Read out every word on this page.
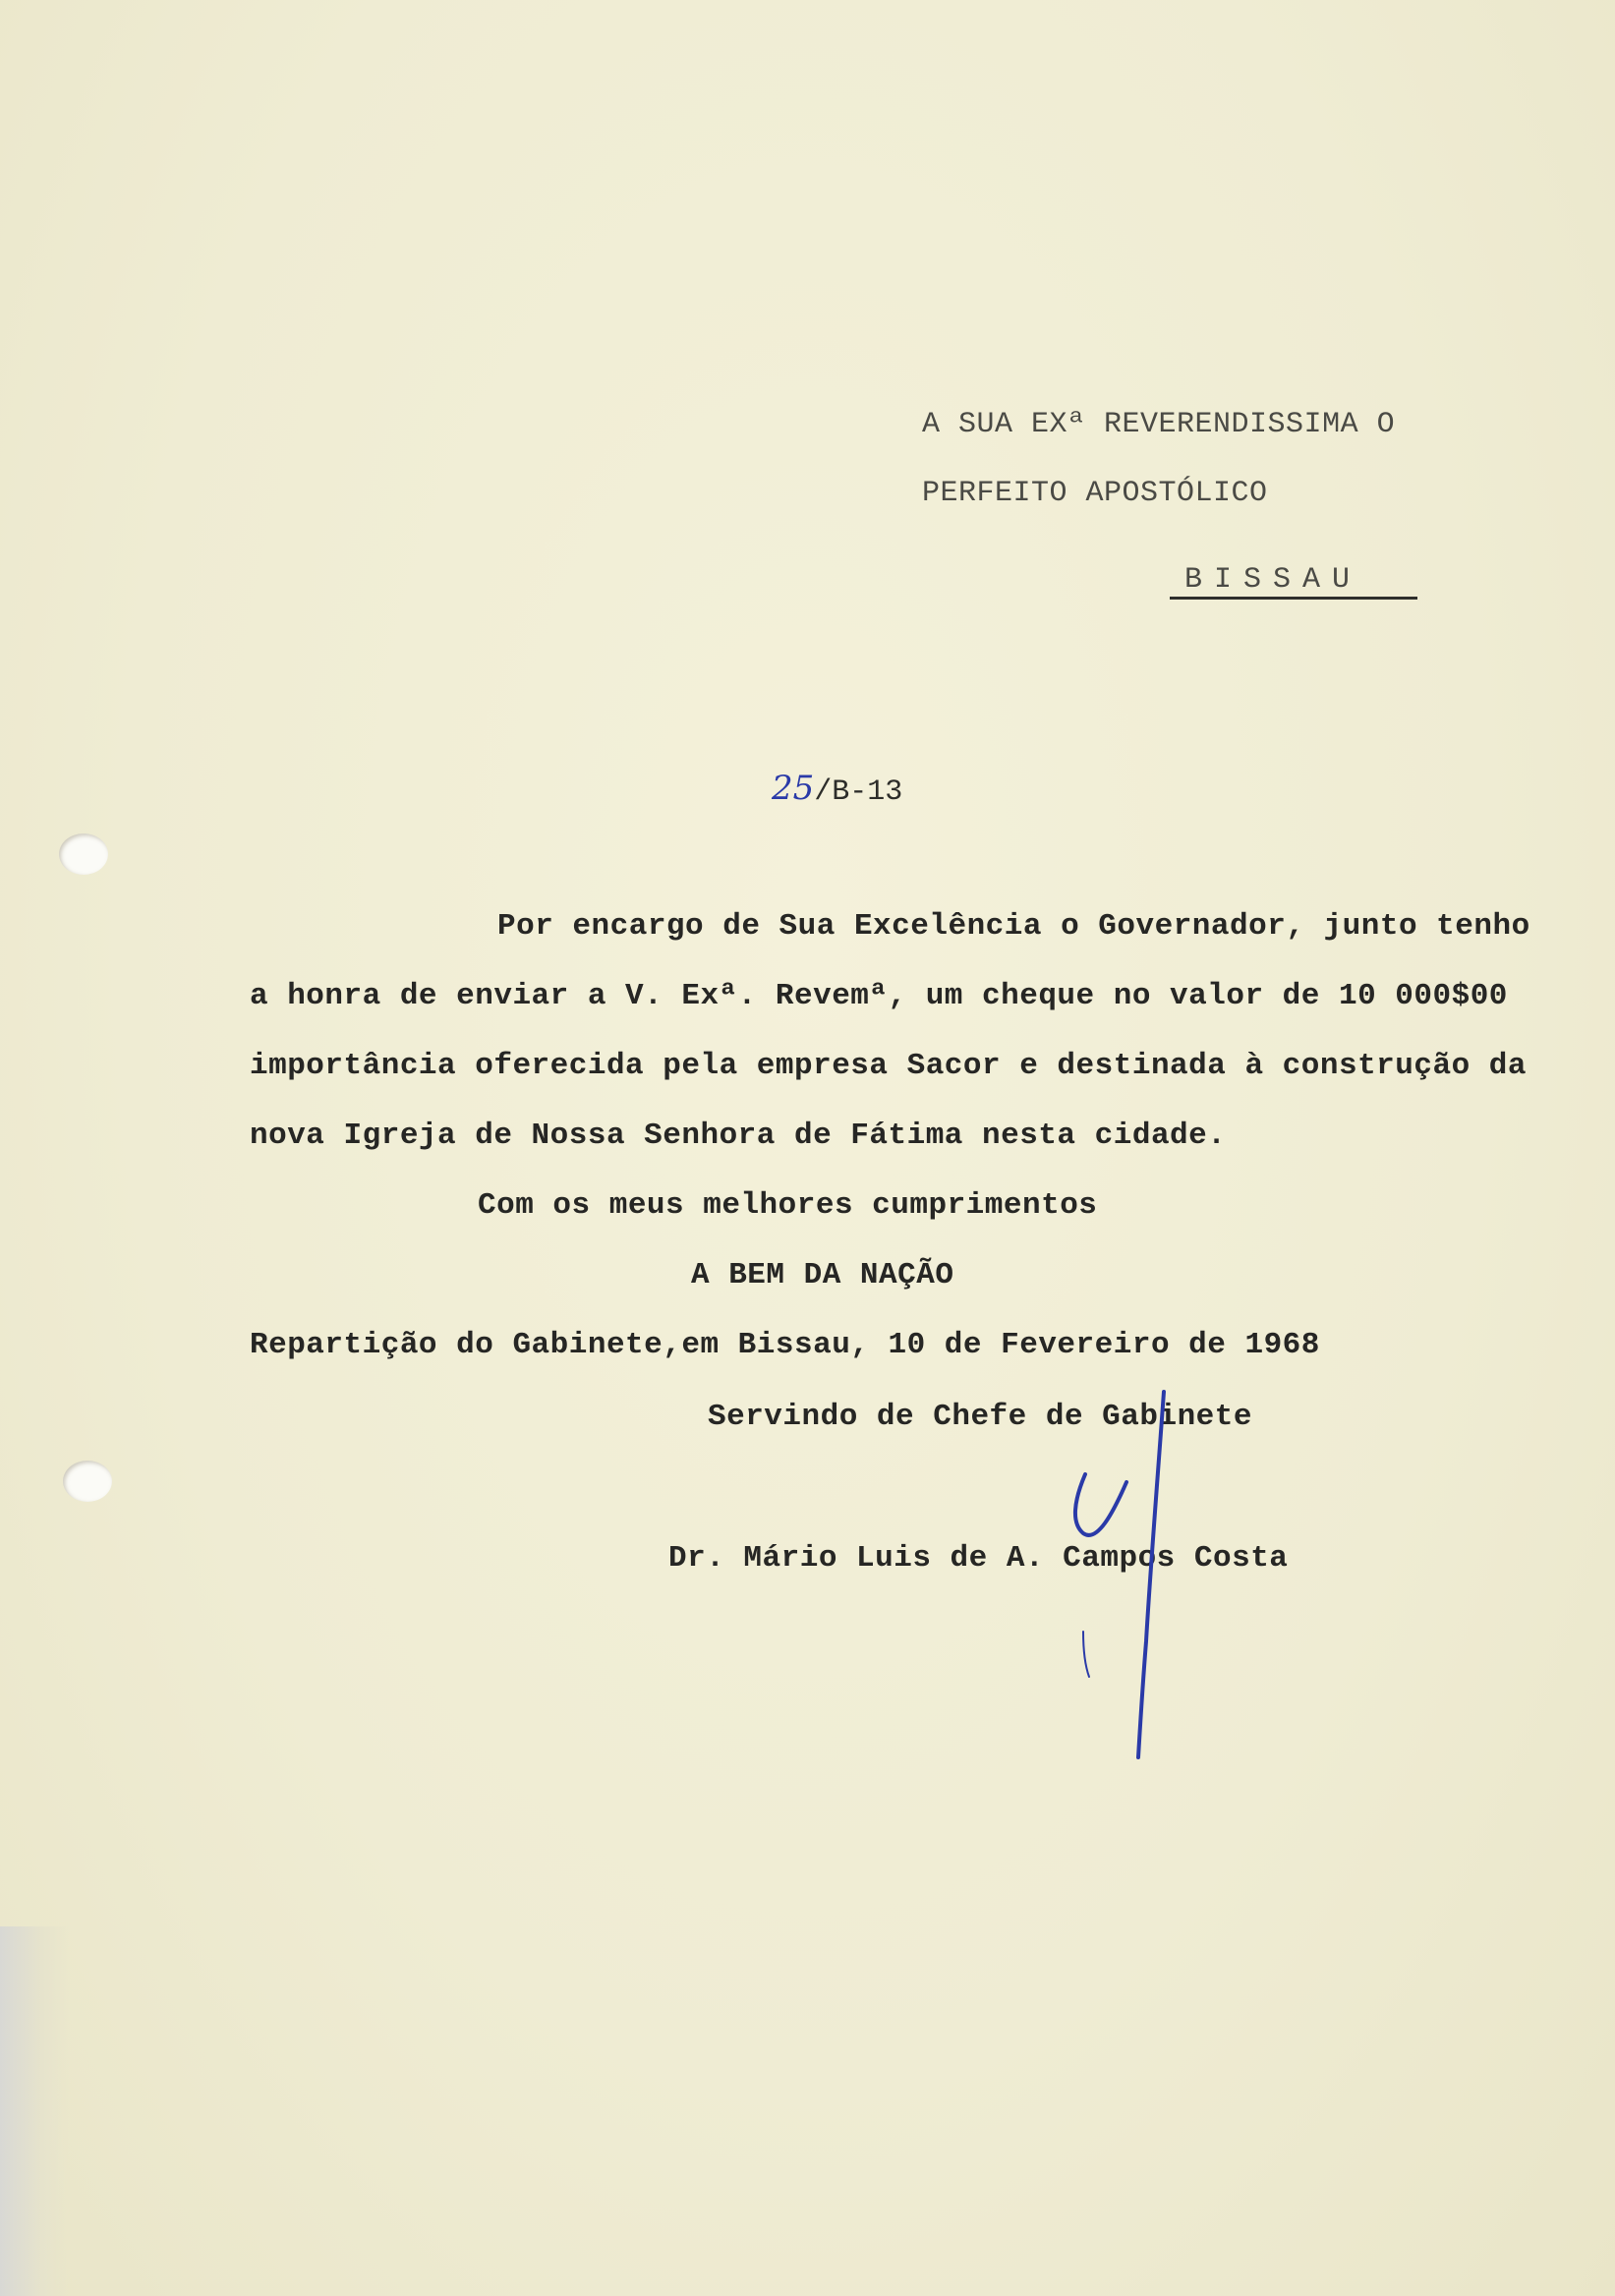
A SUA EXª REVERENDISSIMA O
PERFEITO APOSTÓLICO
BISSAU
25/B-13
Por encargo de Sua Excelência o Governador, junto tenho
a honra de enviar a V. Exª. Revemª, um cheque no valor de 10 000$00
importância oferecida pela empresa Sacor e destinada à construção da
nova Igreja de Nossa Senhora de Fátima nesta cidade.
Com os meus melhores cumprimentos
A BEM DA NAÇÃO
Repartição do Gabinete,em Bissau, 10 de Fevereiro de 1968
Servindo de Chefe de Gabinete
Dr. Mário Luis de A. Campos Costa
